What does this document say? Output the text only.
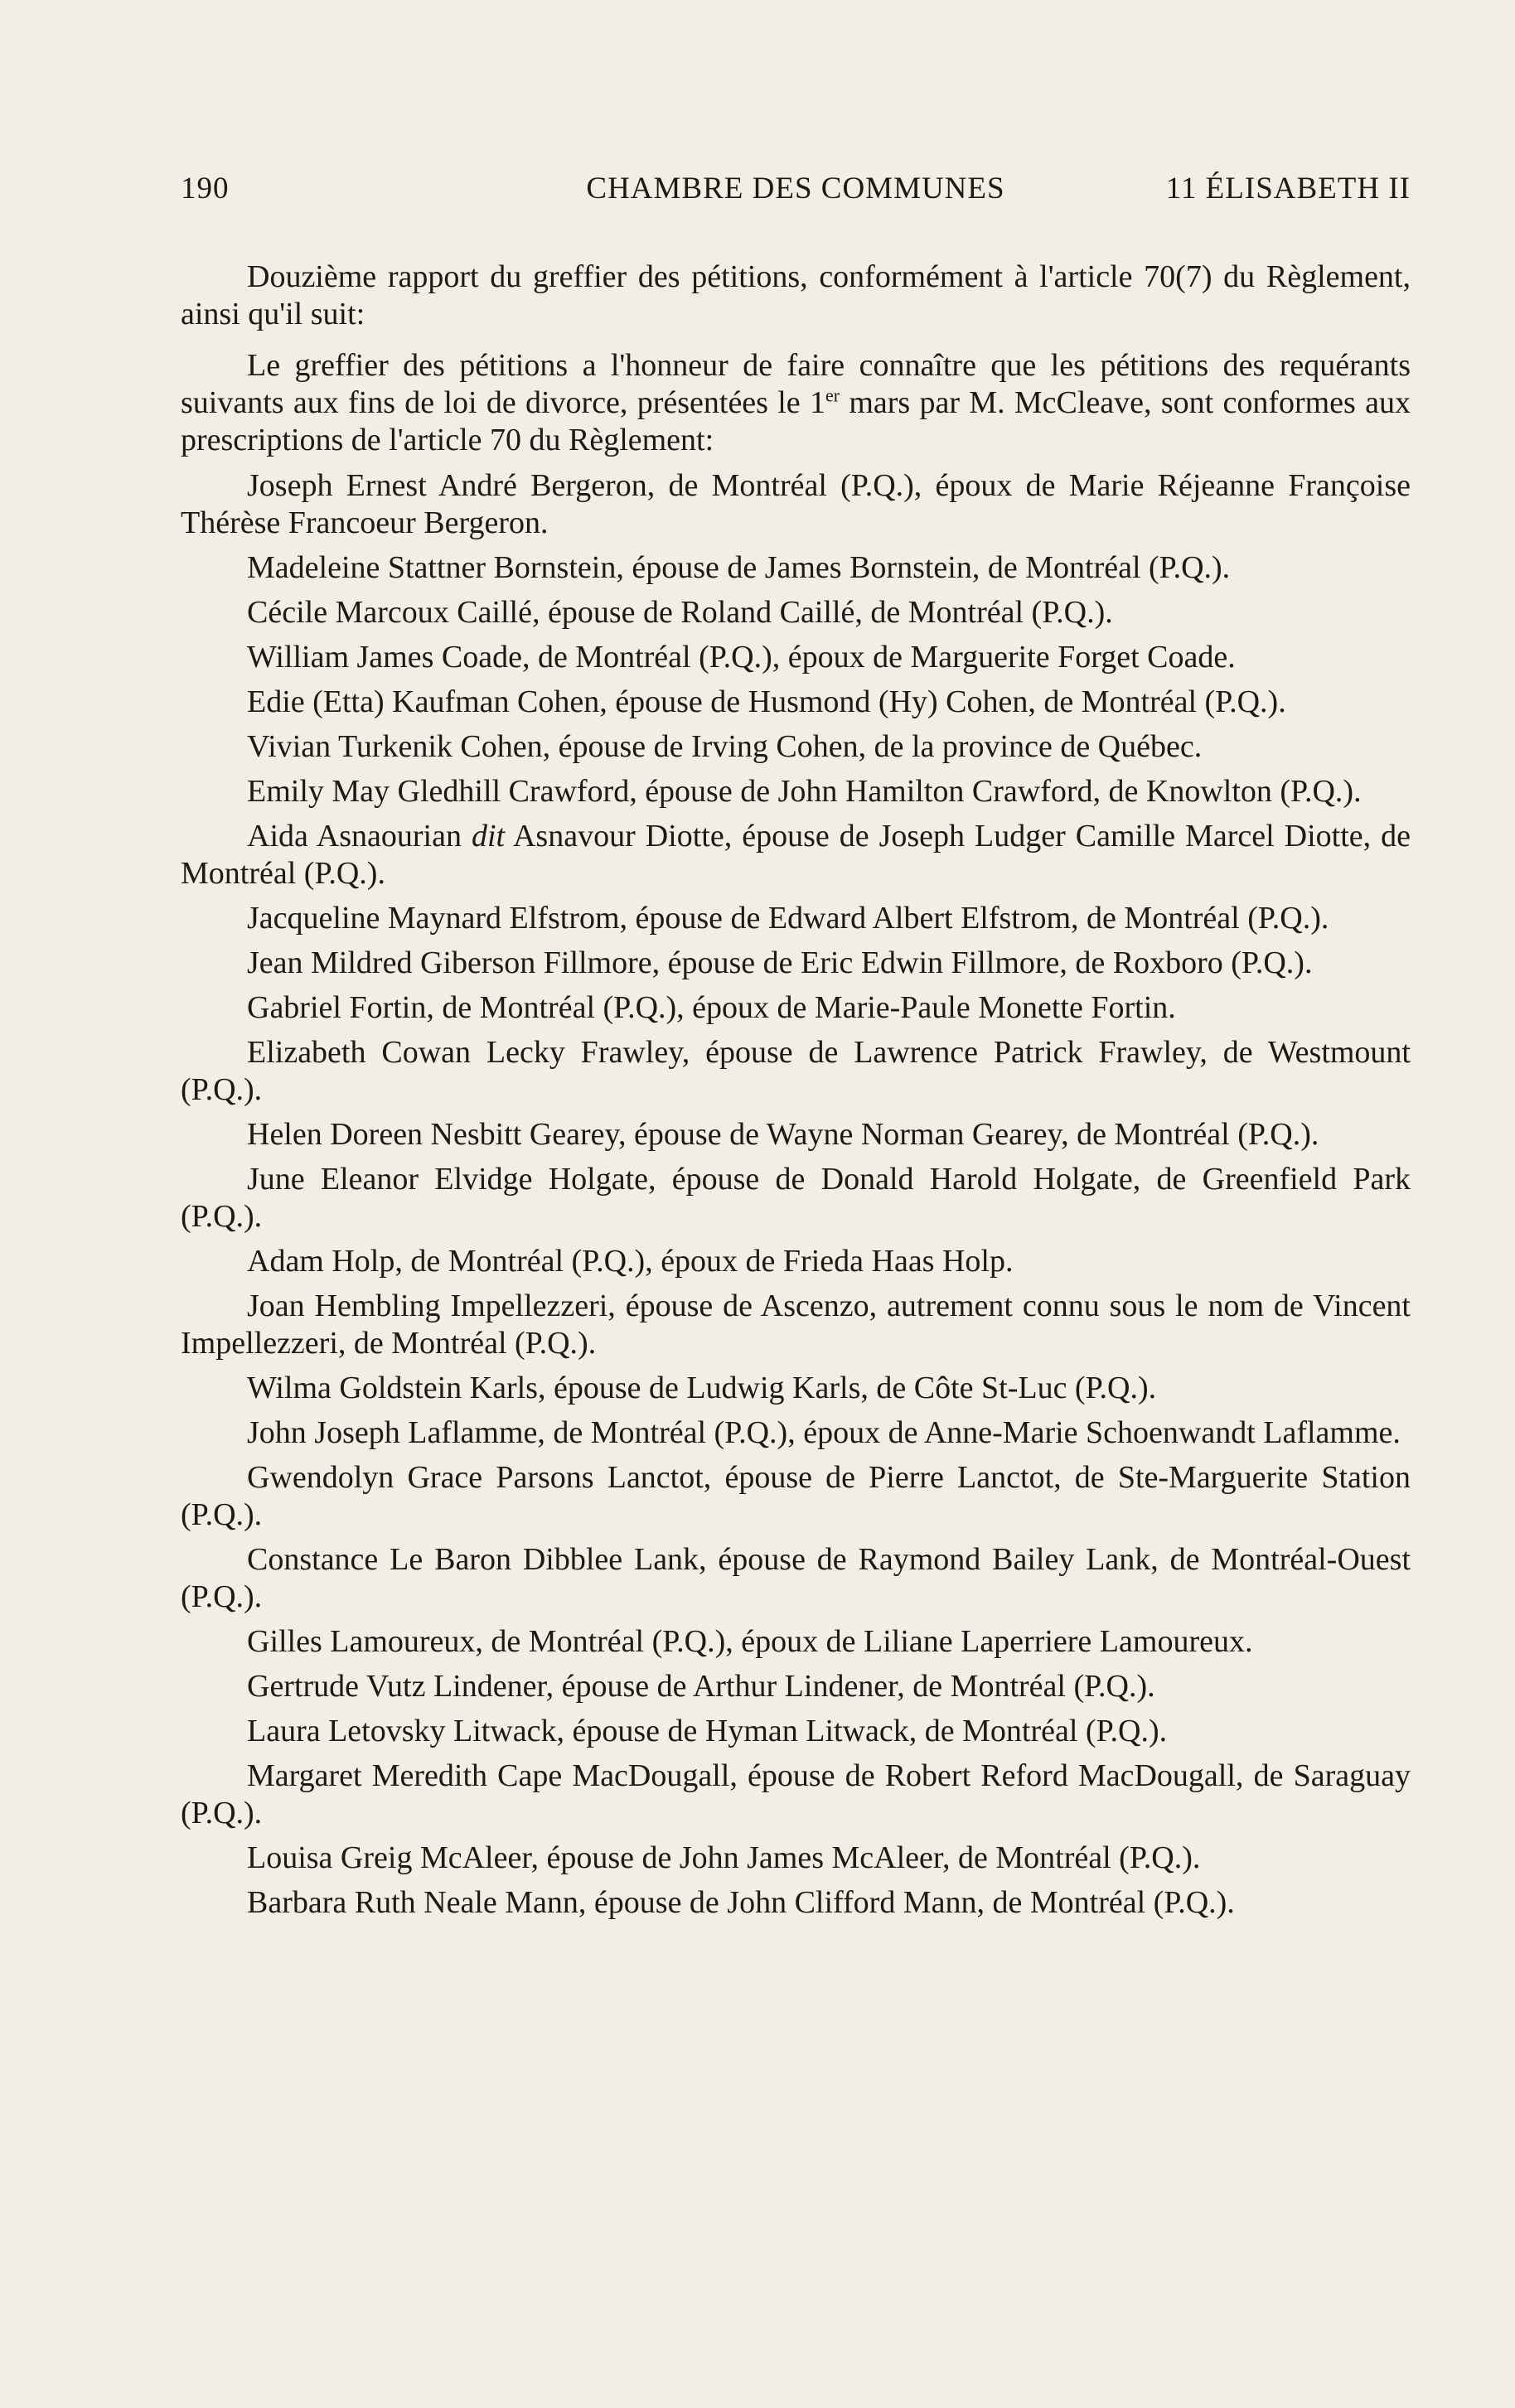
190	CHAMBRE DES COMMUNES	11 ÉLISABETH II

Douzième rapport du greffier des pétitions, conformément à l'article 70(7) du Règlement, ainsi qu'il suit:

Le greffier des pétitions a l'honneur de faire connaître que les pétitions des requérants suivants aux fins de loi de divorce, présentées le 1er mars par M. McCleave, sont conformes aux prescriptions de l'article 70 du Règlement:

Joseph Ernest André Bergeron, de Montréal (P.Q.), époux de Marie Réjeanne Françoise Thérèse Francoeur Bergeron.

Madeleine Stattner Bornstein, épouse de James Bornstein, de Montréal (P.Q.).

Cécile Marcoux Caillé, épouse de Roland Caillé, de Montréal (P.Q.).

William James Coade, de Montréal (P.Q.), époux de Marguerite Forget Coade.

Edie (Etta) Kaufman Cohen, épouse de Husmond (Hy) Cohen, de Montréal (P.Q.).

Vivian Turkenik Cohen, épouse de Irving Cohen, de la province de Québec.

Emily May Gledhill Crawford, épouse de John Hamilton Crawford, de Knowlton (P.Q.).

Aida Asnaourian dit Asnavour Diotte, épouse de Joseph Ludger Camille Marcel Diotte, de Montréal (P.Q.).

Jacqueline Maynard Elfstrom, épouse de Edward Albert Elfstrom, de Montréal (P.Q.).

Jean Mildred Giberson Fillmore, épouse de Eric Edwin Fillmore, de Roxboro (P.Q.).

Gabriel Fortin, de Montréal (P.Q.), époux de Marie-Paule Monette Fortin.

Elizabeth Cowan Lecky Frawley, épouse de Lawrence Patrick Frawley, de Westmount (P.Q.).

Helen Doreen Nesbitt Gearey, épouse de Wayne Norman Gearey, de Montréal (P.Q.).

June Eleanor Elvidge Holgate, épouse de Donald Harold Holgate, de Greenfield Park (P.Q.).

Adam Holp, de Montréal (P.Q.), époux de Frieda Haas Holp.

Joan Hembling Impellezzeri, épouse de Ascenzo, autrement connu sous le nom de Vincent Impellezzeri, de Montréal (P.Q.).

Wilma Goldstein Karls, épouse de Ludwig Karls, de Côte St-Luc (P.Q.).

John Joseph Laflamme, de Montréal (P.Q.), époux de Anne-Marie Schoenwandt Laflamme.

Gwendolyn Grace Parsons Lanctot, épouse de Pierre Lanctot, de Ste-Marguerite Station (P.Q.).

Constance Le Baron Dibblee Lank, épouse de Raymond Bailey Lank, de Montréal-Ouest (P.Q.).

Gilles Lamoureux, de Montréal (P.Q.), époux de Liliane Laperriere Lamoureux.

Gertrude Vutz Lindener, épouse de Arthur Lindener, de Montréal (P.Q.).

Laura Letovsky Litwack, épouse de Hyman Litwack, de Montréal (P.Q.).

Margaret Meredith Cape MacDougall, épouse de Robert Reford MacDougall, de Saraguay (P.Q.).

Louisa Greig McAleer, épouse de John James McAleer, de Montréal (P.Q.).

Barbara Ruth Neale Mann, épouse de John Clifford Mann, de Montréal (P.Q.).
